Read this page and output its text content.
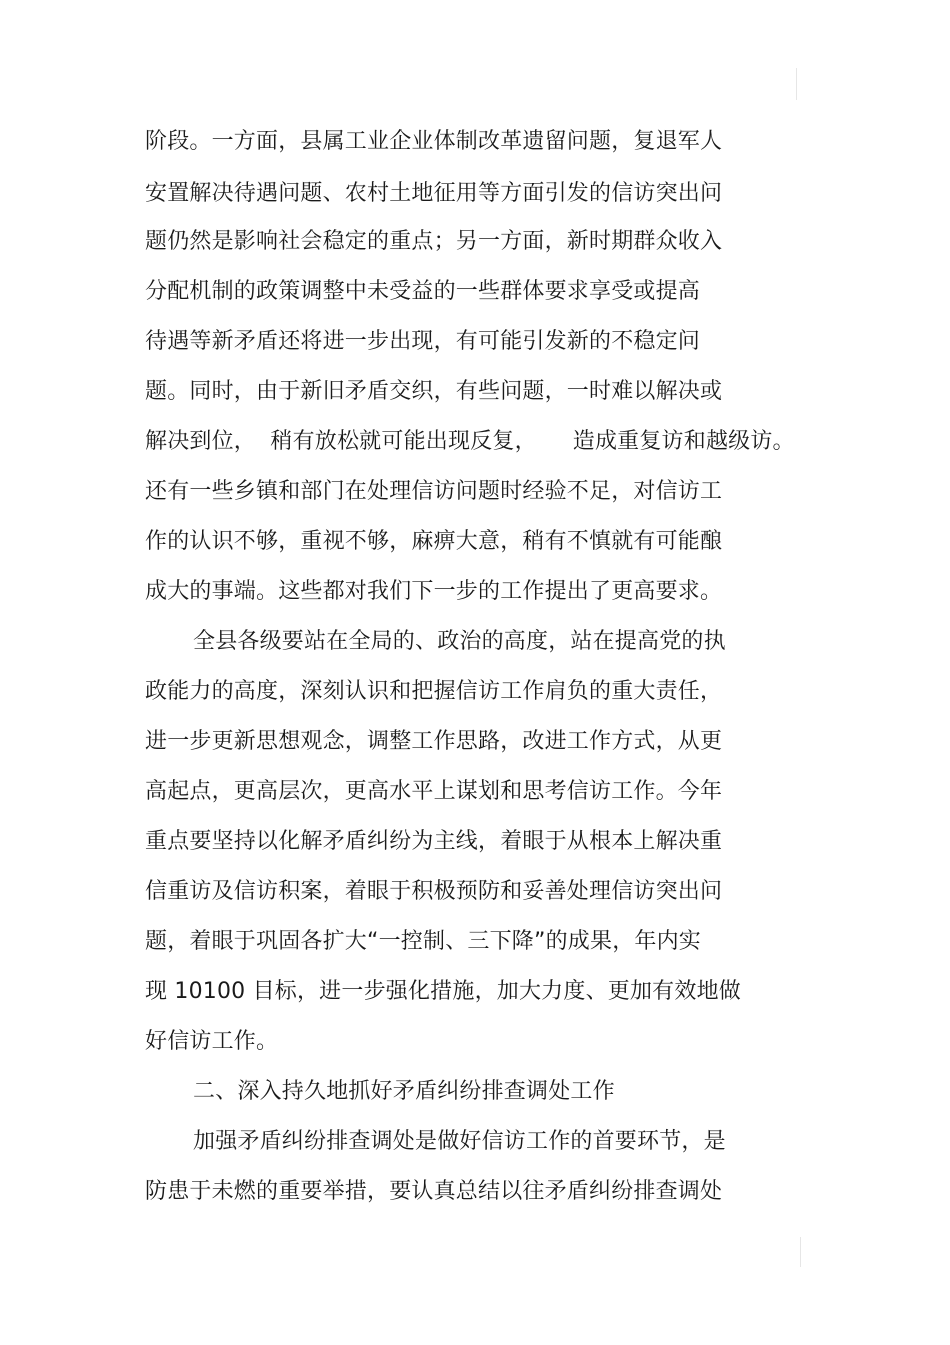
阶段。一方面，县属工业企业体制改革遗留问题，复退军人
安置解决待遇问题、农村土地征用等方面引发的信访突出问
题仍然是影响社会稳定的重点；另一方面，新时期群众收入
分配机制的政策调整中未受益的一些群体要求享受或提高
待遇等新矛盾还将进一步出现，有可能引发新的不稳定问
题。同时，由于新旧矛盾交织，有些问题，一时难以解决或
解决到位，  稍有放松就可能出现反复，     造成重复访和越级访。
还有一些乡镇和部门在处理信访问题时经验不足，对信访工
作的认识不够，重视不够，麻痹大意，稍有不慎就有可能酿
成大的事端。这些都对我们下一步的工作提出了更高要求。
全县各级要站在全局的、政治的高度，站在提高党的执
政能力的高度，深刻认识和把握信访工作肩负的重大责任，
进一步更新思想观念，调整工作思路，改进工作方式，从更
高起点，更高层次，更高水平上谋划和思考信访工作。今年
重点要坚持以化解矛盾纠纷为主线，着眼于从根本上解决重
信重访及信访积案，着眼于积极预防和妥善处理信访突出问
题，着眼于巩固各扩大“一控制、三下降”的成果，年内实
现 10100 目标，进一步强化措施，加大力度、更加有效地做
好信访工作。
二、深入持久地抓好矛盾纠纷排查调处工作
加强矛盾纠纷排查调处是做好信访工作的首要环节，是
防患于未燃的重要举措，要认真总结以往矛盾纠纷排查调处
